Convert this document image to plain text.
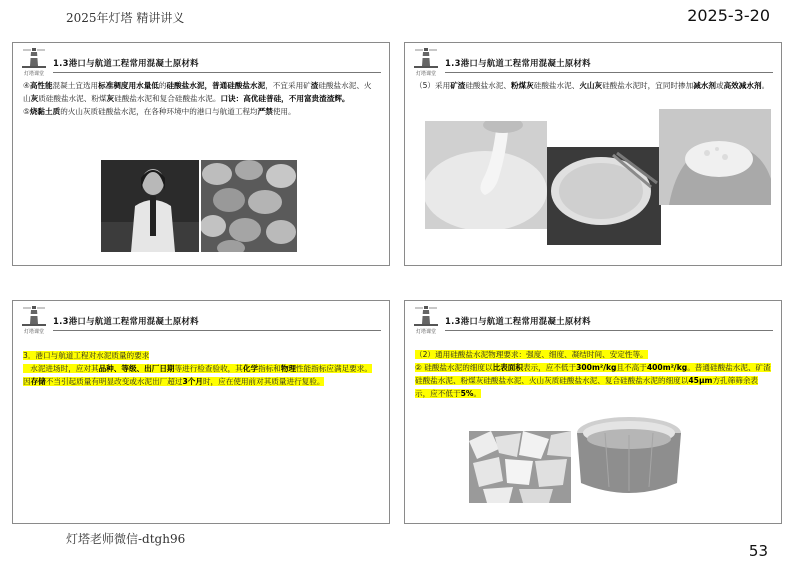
2025年灯塔 精讲讲义	2025-3-20
灯塔课堂
1.3港口与航道工程常用混凝土原材料

④高性能混凝土宜选用标准稠度用水量低的硅酸盐水泥，普通硅酸盐水泥，不宜采用矿渣硅酸盐水泥、火山灰质硅酸盐水泥、粉煤灰硅酸盐水泥和复合硅酸盐水泥。口诀：高优硅普硅，不用富贵渣渣辉。

⑤烧黏土质的火山灰质硅酸盐水泥，在各种环境中的港口与航道工程均严禁使用。

灯塔课堂
1.3港口与航道工程常用混凝土原材料

（5）采用矿渣硅酸盐水泥、粉煤灰硅酸盐水泥、火山灰硅酸盐水泥时，宜同时掺加减水剂或高效减水剂。

灯塔课堂
1.3港口与航道工程常用混凝土原材料

3．港口与航道工程对水泥质量的要求

水泥进场时，应对其品种、等级、出厂日期等进行检查验收，其化学指标和物理性能指标应满足要求。因存储不当引起质量有明显改变或水泥出厂超过3个月时，应在使用前对其质量进行复验。

灯塔课堂
1.3港口与航道工程常用混凝土原材料

（2）通用硅酸盐水泥物理要求：强度、细度、凝结时间、安定性等。

② 硅酸盐水泥的细度以比表面积表示，应不低于300m²/kg且不高于400m²/kg。普通硅酸盐水泥、矿渣硅酸盐水泥、粉煤灰硅酸盐水泥、火山灰质硅酸盐水泥、复合硅酸盐水泥的细度以45μm方孔筛筛余表示，应不低于5%。

灯塔老师微信-dtgh96
53
